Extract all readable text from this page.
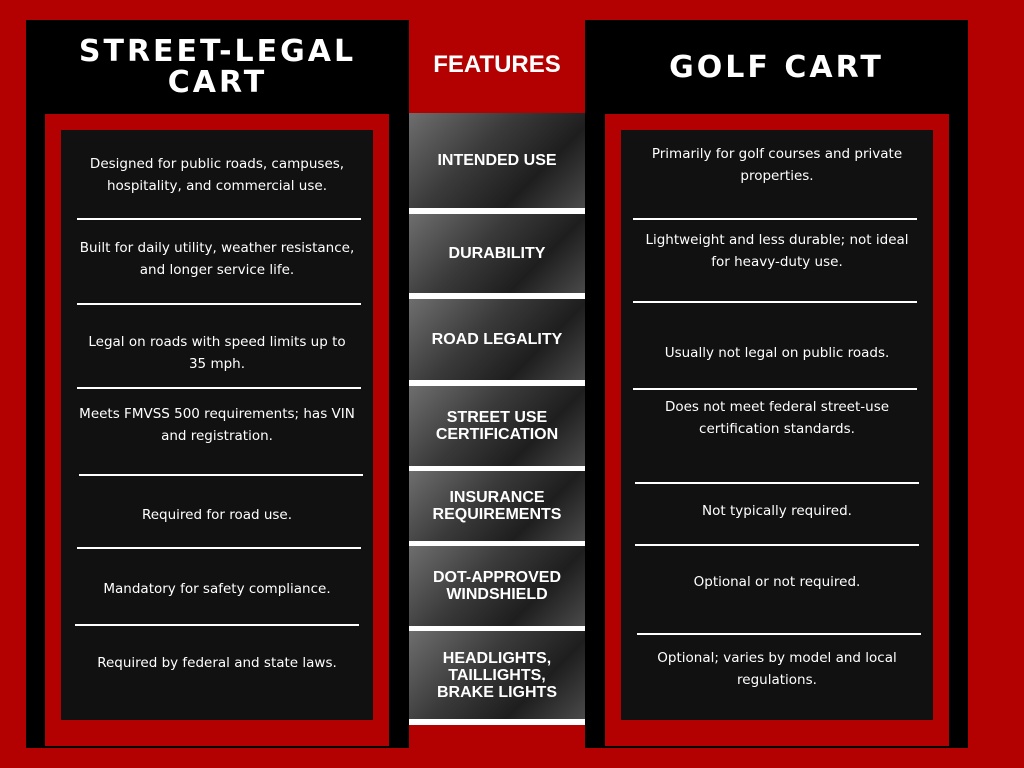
STREET-LEGAL
CART
Designed for public roads, campuses, hospitality, and commercial use.
Built for daily utility, weather resistance, and longer service life.
Legal on roads with speed limits up to 35 mph.
Meets FMVSS 500 requirements; has VIN and registration.
Required for road use.
Mandatory for safety compliance.
Required by federal and state laws.
FEATURES
INTENDED USE
DURABILITY
ROAD LEGALITY
STREET USE
CERTIFICATION
INSURANCE
REQUIREMENTS
DOT-APPROVED
WINDSHIELD
HEADLIGHTS,
TAILLIGHTS,
BRAKE LIGHTS
GOLF CART
Primarily for golf courses and private properties.
Lightweight and less durable; not ideal for heavy-duty use.
Usually not legal on public roads.
Does not meet federal street-use certification standards.
Not typically required.
Optional or not required.
Optional; varies by model and local regulations.
